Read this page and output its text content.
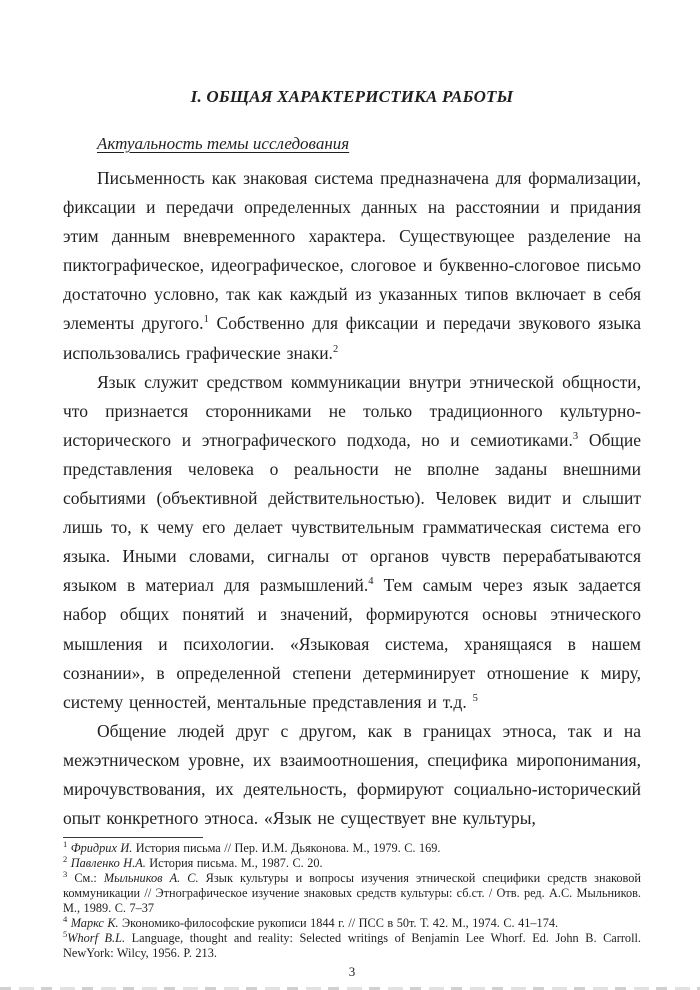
I. ОБЩАЯ ХАРАКТЕРИСТИКА РАБОТЫ
Актуальность темы исследования

Письменность как знаковая система предназначена для формализации, фиксации и передачи определенных данных на расстоянии и придания этим данным вневременного характера. Существующее разделение на пиктографическое, идеографическое, слоговое и буквенно-слоговое письмо достаточно условно, так как каждый из указанных типов включает в себя элементы другого.$^1$ Собственно для фиксации и передачи звукового языка использовались графические знаки.$^2$

Язык служит средством коммуникации внутри этнической общности, что признается сторонниками не только традиционного культурно-исторического и этнографического подхода, но и семиотиками.$^3$ Общие представления человека о реальности не вполне заданы внешними событиями (объективной действительностью). Человек видит и слышит лишь то, к чему его делает чувствительным грамматическая система его языка. Иными словами, сигналы от органов чувств перерабатываются языком в материал для размышлений.$^4$ Тем самым через язык задается набор общих понятий и значений, формируются основы этнического мышления и психологии. «Языковая система, хранящаяся в нашем сознании», в определенной степени детерминирует отношение к миру, систему ценностей, ментальные представления и т.д. $^5$

Общение людей друг с другом, как в границах этноса, так и на межэтническом уровне, их взаимоотношения, специфика миропонимания, мирочувствования, их деятельность, формируют социально-исторический опыт конкретного этноса. «Язык не существует вне культуры,

$^1$ Фридрих И. История письма // Пер. И.М. Дьяконова. М., 1979. С. 169.

$^2$ Павленко Н.А. История письма. М., 1987. С. 20.

$^3$ См.: Мыльников А. С. Язык культуры и вопросы изучения этнической специфики средств знаковой коммуникации // Этнографическое изучение знаковых средств культуры: сб.ст. / Отв. ред. А.С. Мыльников. М., 1989. С. 7–37

$^4$ Маркс К. Экономико-философские рукописи 1844 г. // ПСС в 50т. Т. 42. М., 1974. С. 41–174.

$^5$Whorf B.L. Language, thought and reality: Selected writings of Benjamin Lee Whorf. Ed. John B. Carroll. NewYork: Wilcy, 1956. P. 213.

3
